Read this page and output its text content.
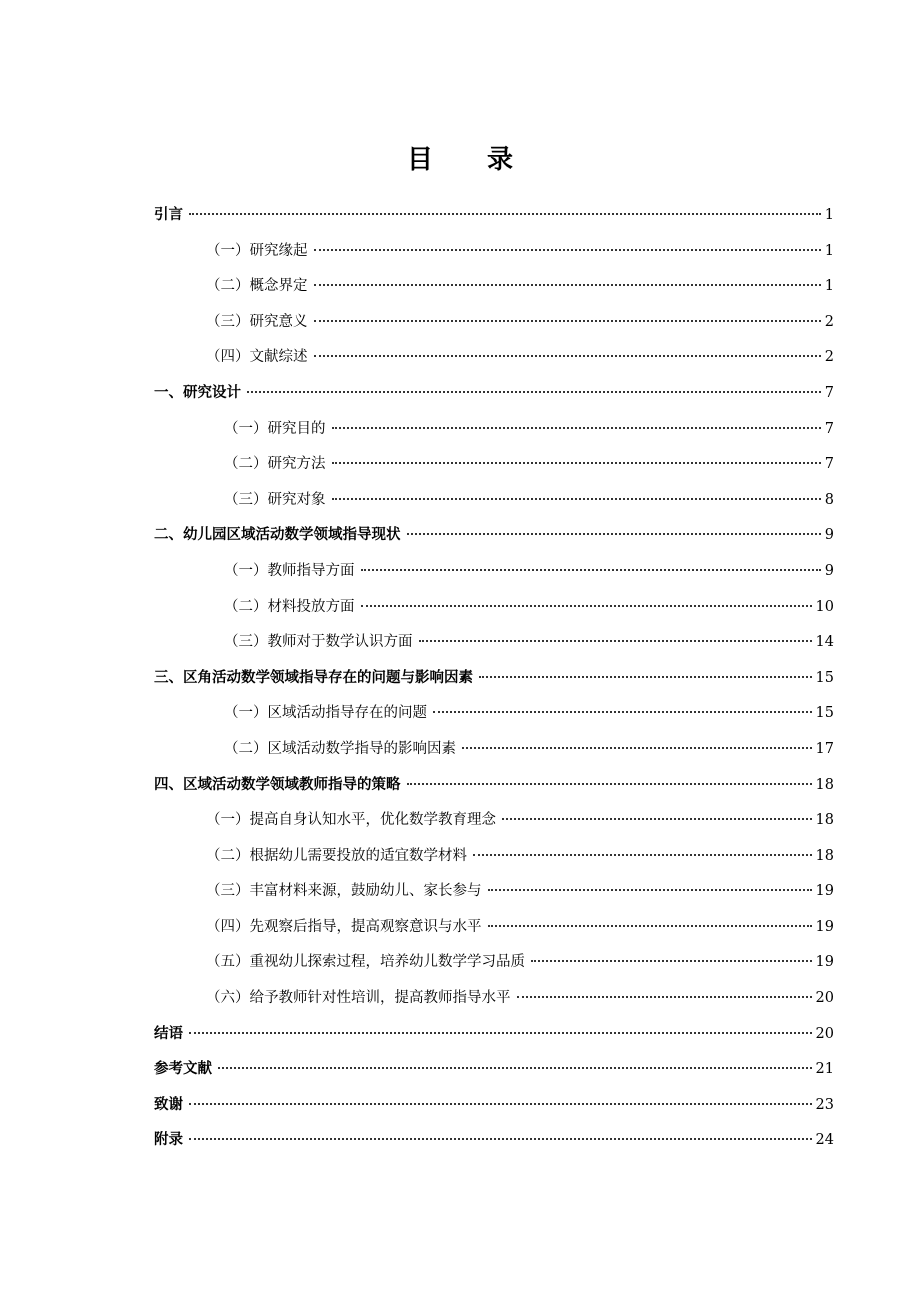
目 录
引言	1
（一）研究缘起	1
（二）概念界定	1
（三）研究意义	2
（四）文献综述	2
一、研究设计	7
（一）研究目的	7
（二）研究方法	7
（三）研究对象	8
二、幼儿园区域活动数学领域指导现状	9
（一）教师指导方面	9
（二）材料投放方面	10
（三）教师对于数学认识方面	14
三、区角活动数学领域指导存在的问题与影响因素	15
（一）区域活动指导存在的问题	15
（二）区域活动数学指导的影响因素	17
四、区域活动数学领域教师指导的策略	18
（一）提高自身认知水平，优化数学教育理念	18
（二）根据幼儿需要投放的适宜数学材料	18
（三）丰富材料来源，鼓励幼儿、家长参与	19
（四）先观察后指导，提高观察意识与水平	19
（五）重视幼儿探索过程，培养幼儿数学学习品质	19
（六）给予教师针对性培训，提高教师指导水平	20
结语	20
参考文献	21
致谢	23
附录	24
